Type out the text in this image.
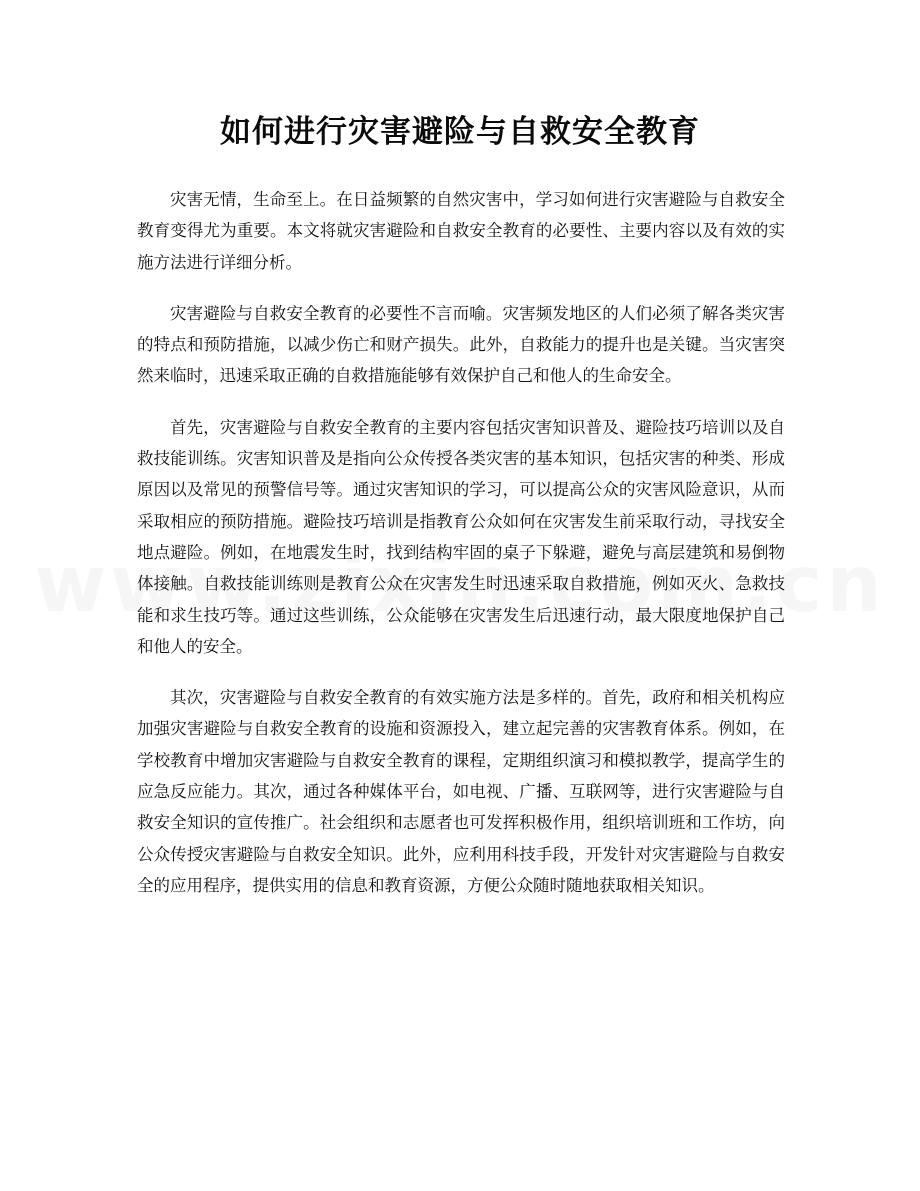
如何进行灾害避险与自救安全教育

灾害无情，生命至上。在日益频繁的自然灾害中，学习如何进行灾害避险与自救安全教育变得尤为重要。本文将就灾害避险和自救安全教育的必要性、主要内容以及有效的实施方法进行详细分析。

灾害避险与自救安全教育的必要性不言而喻。灾害频发地区的人们必须了解各类灾害的特点和预防措施，以减少伤亡和财产损失。此外，自救能力的提升也是关键。当灾害突然来临时，迅速采取正确的自救措施能够有效保护自己和他人的生命安全。

首先，灾害避险与自救安全教育的主要内容包括灾害知识普及、避险技巧培训以及自救技能训练。灾害知识普及是指向公众传授各类灾害的基本知识，包括灾害的种类、形成原因以及常见的预警信号等。通过灾害知识的学习，可以提高公众的灾害风险意识，从而采取相应的预防措施。避险技巧培训是指教育公众如何在灾害发生前采取行动，寻找安全地点避险。例如，在地震发生时，找到结构牢固的桌子下躲避，避免与高层建筑和易倒物体接触。自救技能训练则是教育公众在灾害发生时迅速采取自救措施，例如灭火、急救技能和求生技巧等。通过这些训练，公众能够在灾害发生后迅速行动，最大限度地保护自己和他人的安全。

其次，灾害避险与自救安全教育的有效实施方法是多样的。首先，政府和相关机构应加强灾害避险与自救安全教育的设施和资源投入，建立起完善的灾害教育体系。例如，在学校教育中增加灾害避险与自救安全教育的课程，定期组织演习和模拟教学，提高学生的应急反应能力。其次，通过各种媒体平台，如电视、广播、互联网等，进行灾害避险与自救安全知识的宣传推广。社会组织和志愿者也可发挥积极作用，组织培训班和工作坊，向公众传授灾害避险与自救安全知识。此外，应利用科技手段，开发针对灾害避险与自救安全的应用程序，提供实用的信息和教育资源，方便公众随时随地获取相关知识。
